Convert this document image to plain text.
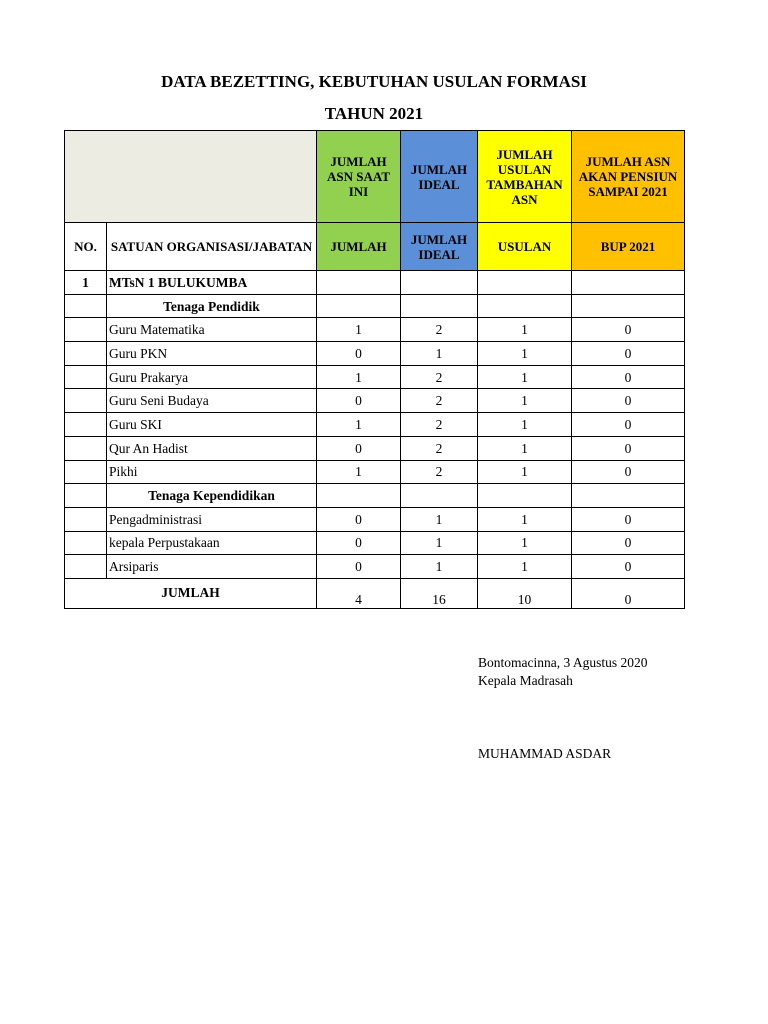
DATA BEZETTING, KEBUTUHAN USULAN FORMASI
TAHUN 2021
		JUMLAH ASN SAAT INI	JUMLAH IDEAL	JUMLAH USULAN TAMBAHAN ASN	JUMLAH ASN AKAN PENSIUN SAMPAI 2021
NO.	SATUAN ORGANISASI/JABATAN	JUMLAH	JUMLAH IDEAL	USULAN	BUP 2021
1	MTsN 1 BULUKUMBA				
	Tenaga Pendidik				
	Guru Matematika	1	2	1	0
	Guru PKN	0	1	1	0
	Guru Prakarya	1	2	1	0
	Guru Seni Budaya	0	2	1	0
	Guru SKI	1	2	1	0
	Qur An Hadist	0	2	1	0
	Pikhi	1	2	1	0
	Tenaga Kependidikan				
	Pengadministrasi	0	1	1	0
	kepala Perpustakaan	0	1	1	0
	Arsiparis	0	1	1	0
JUMLAH		4	16	10	0
Bontomacinna, 3 Agustus 2020
Kepala Madrasah
MUHAMMAD ASDAR
